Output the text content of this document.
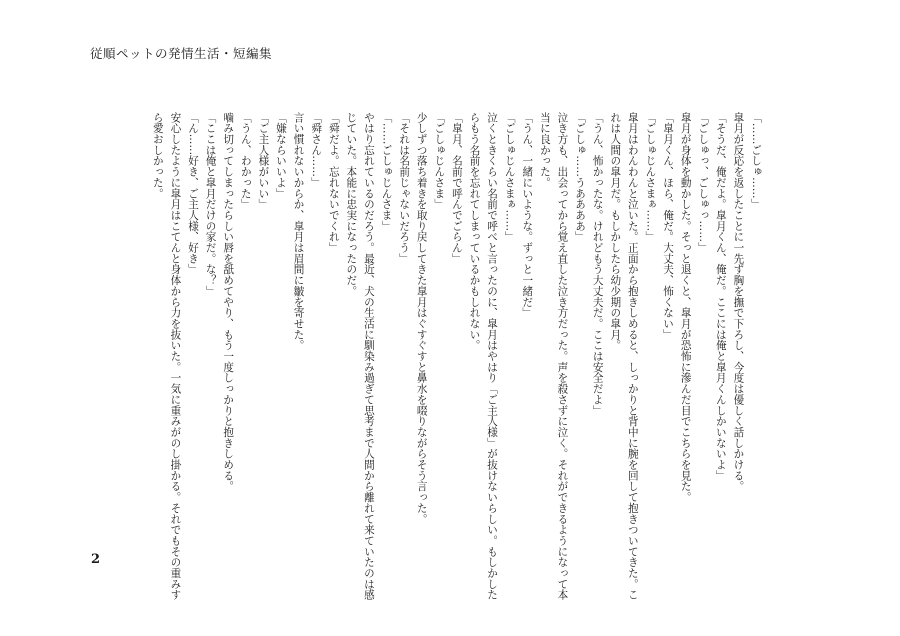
従順ペットの発情生活・短編集
「……ごしゅ……」
皐月が反応を返したことに一先ず胸を撫で下ろし、今度は優しく話しかける。
「そうだ、俺だよ。皐月くん、俺だ。ここには俺と皐月くんしかいないよ」
「ごしゅっ、ごしゅっ……」
皐月が身体を動かした。そっと退くと、皐月が恐怖に滲んだ目でこちらを見た。
「皐月くん、ほら、俺だ。大丈夫、怖くない」
「ごしゅじんさまぁ……」
皐月はわんわんと泣いた。正面から抱きしめると、しっかりと背中に腕を回して抱きついてきた。こ
れは人間の皐月だ。もしかしたら幼少期の皐月。
「うん、怖かったな。けれどもう大丈夫だ。ここは安全だよ」
「ごしゅ……うああああ」
泣き方も、出会ってから覚え直した泣き方だった。声を殺さずに泣く。それができるようになって本
当に良かった。
「うん、一緒にいような。ずっと一緒だ」
「ごしゅじんさまぁ……」
泣くときくらい名前で呼べと言ったのに、皐月はやはり「ご主人様」が抜けないらしい。もしかした
らもう名前を忘れてしまっているかもしれない。
「皐月、名前で呼んでごらん」
「ごしゅじんさま」
少しずつ落ち着きを取り戻してきた皐月はぐすぐすと鼻水を啜りながらそう言った。
「それは名前じゃないだろう」
「……ごしゅじんさま」
やはり忘れているのだろう。最近、犬の生活に馴染み過ぎて思考まで人間から離れて来ていたのは感
じていた。本能に忠実になったのだ。
「舜だよ。忘れないでくれ」
「舜さん……」
言い慣れないからか、皐月は眉間に皺を寄せた。
「嫌ならいいよ」
「ご主人様がいい」
「うん、わかった」
噛み切ってしまったらしい唇を舐めてやり、もう一度しっかりと抱きしめる。
「ここは俺と皐月だけの家だ。な？」
「ん……好き、ご主人様、好き」
安心したように皐月はこてんと身体から力を抜いた。一気に重みがのし掛かる。それでもその重みす
ら愛おしかった。
2
